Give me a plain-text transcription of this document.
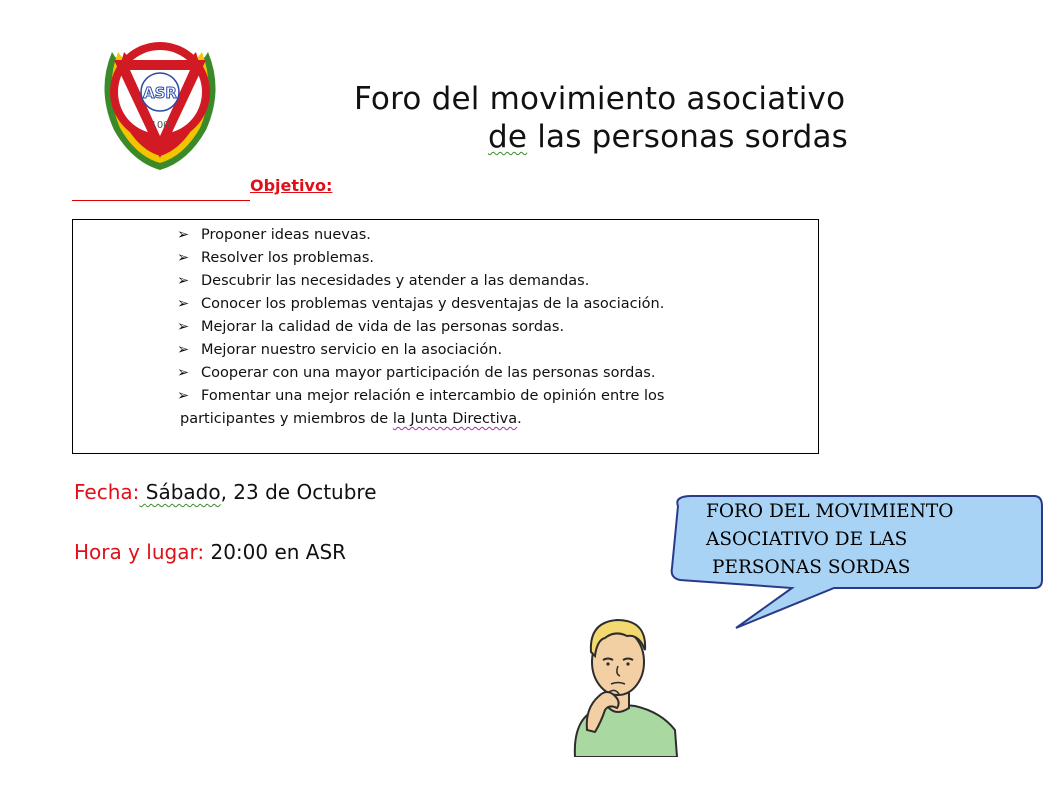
ASR
100
Foro del movimiento asociativo
de las personas sordas
Objetivo:
➢ Proponer ideas nuevas.
➢ Resolver los problemas.
➢ Descubrir las necesidades y atender a las demandas.
➢ Conocer los problemas ventajas y desventajas de la asociación.
➢ Mejorar la calidad de vida de las personas sordas.
➢ Mejorar nuestro servicio en la asociación.
➢ Cooperar con una mayor participación de las personas sordas.
➢ Fomentar una mejor relación e intercambio de opinión entre los
participantes y miembros de la Junta Directiva.
Fecha: Sábado, 23 de Octubre
Hora y lugar: 20:00 en ASR
FORO DEL MOVIMIENTO
ASOCIATIVO DE LAS
PERSONAS SORDAS
